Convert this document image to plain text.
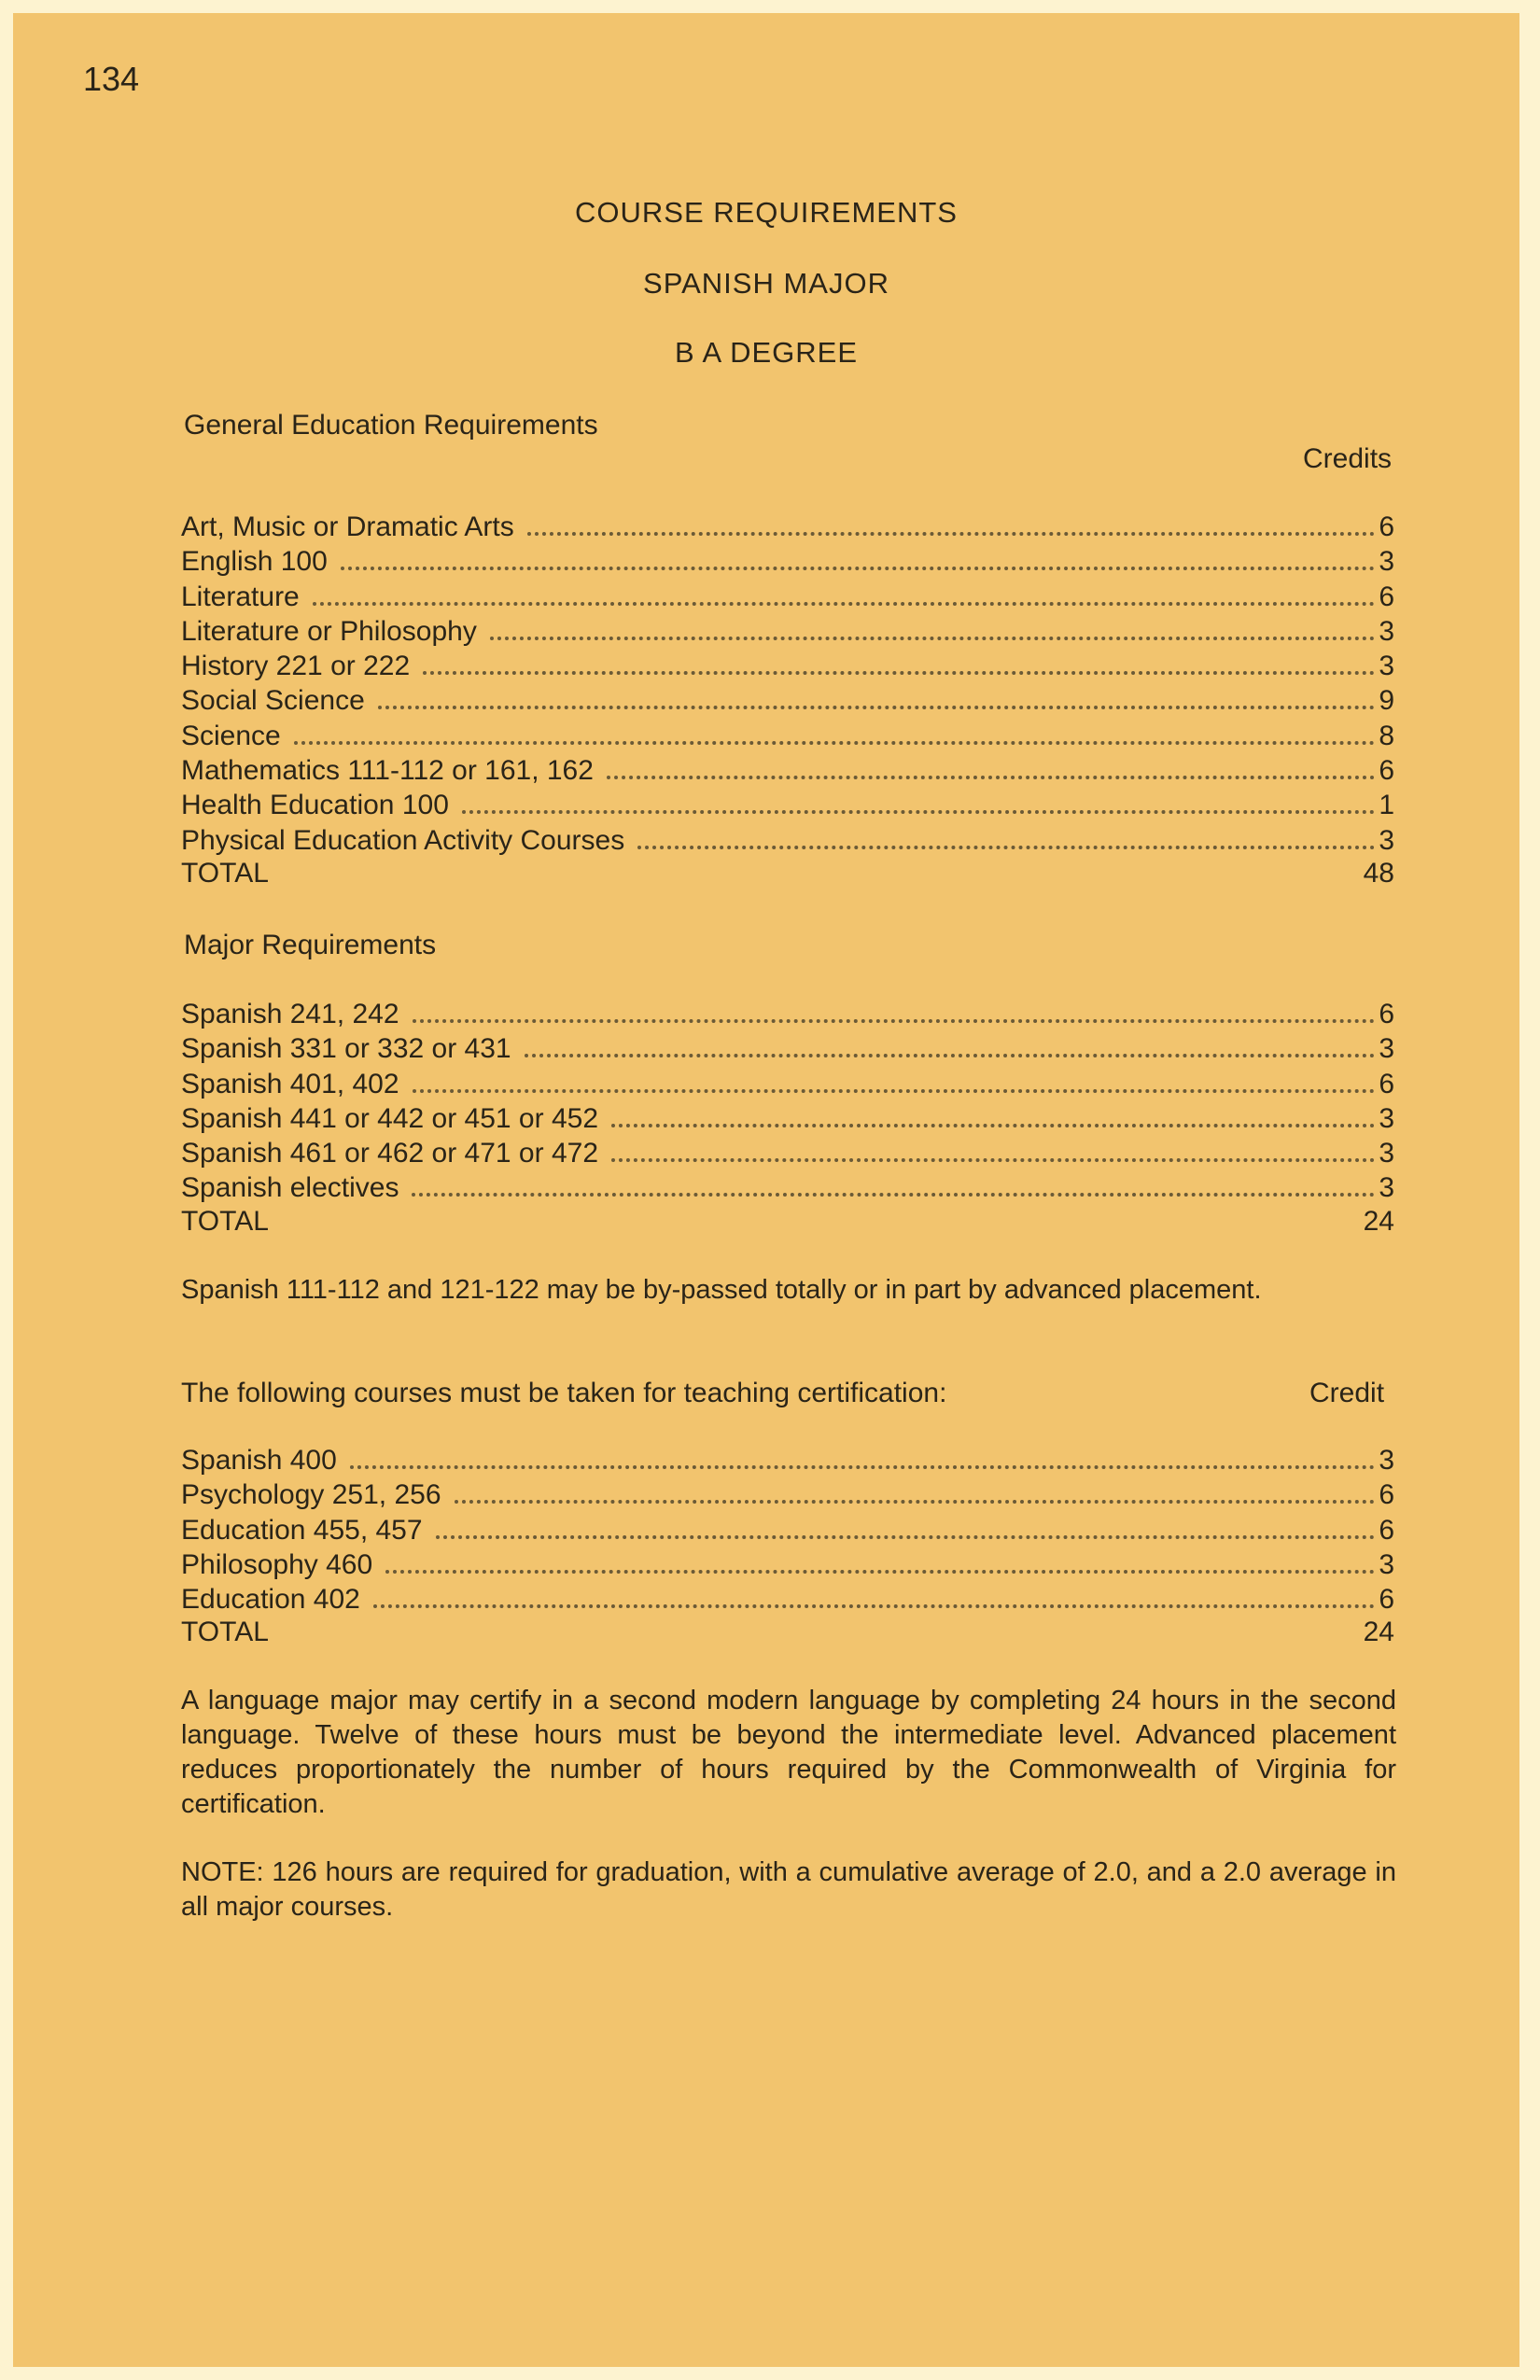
134
COURSE REQUIREMENTS
SPANISH MAJOR
B A DEGREE
General Education Requirements
Credits
Art, Music or Dramatic Arts	6
English 100	3
Literature	6
Literature or Philosophy	3
History 221 or 222	3
Social Science	9
Science	8
Mathematics 111-112 or 161, 162	6
Health Education 100	1
Physical Education Activity Courses	3
TOTAL	48
Major Requirements
Spanish 241, 242	6
Spanish 331 or 332 or 431	3
Spanish 401, 402	6
Spanish 441 or 442 or 451 or 452	3
Spanish 461 or 462 or 471 or 472	3
Spanish electives	3
TOTAL	24
Spanish 111-112 and 121-122 may be by-passed totally or in part by advanced placement.
The following courses must be taken for teaching certification:	Credit
Spanish 400	3
Psychology 251, 256	6
Education 455, 457	6
Philosophy 460	3
Education 402	6
TOTAL	24
A language major may certify in a second modern language by completing 24 hours in the second language. Twelve of these hours must be beyond the intermediate level. Advanced placement reduces proportionately the number of hours required by the Commonwealth of Virginia for certification.
NOTE: 126 hours are required for graduation, with a cumulative average of 2.0, and a 2.0 average in all major courses.
